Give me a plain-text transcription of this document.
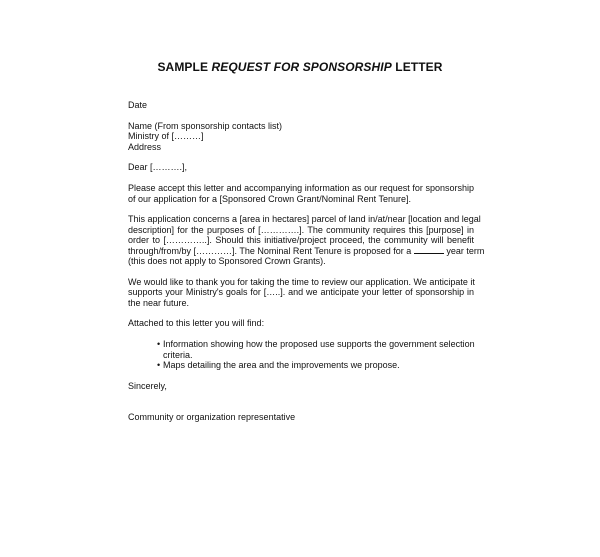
SAMPLE REQUEST FOR SPONSORSHIP LETTER
Date
Name (From sponsorship contacts list)
Ministry of [………]
Address
Dear [……….],
Please accept this letter and accompanying information as our request for sponsorship
of our application for a [Sponsored Crown Grant/Nominal Rent Tenure].
This application concerns a [area in hectares] parcel of land in/at/near [location and legal
description] for the purposes of [………….]. The community requires this [purpose] in
order to […………..]. Should this initiative/project proceed, the community will benefit
through/from/by […………]. The Nominal Rent Tenure is proposed for a	year term
(this does not apply to Sponsored Crown Grants).
We would like to thank you for taking the time to review our application. We anticipate it
supports your Ministry's goals for […..]. and we anticipate your letter of sponsorship in
the near future.
Attached to this letter you will find:
• Information showing how the proposed use supports the government selection
criteria.
• Maps detailing the area and the improvements we propose.
Sincerely,
Community or organization representative
